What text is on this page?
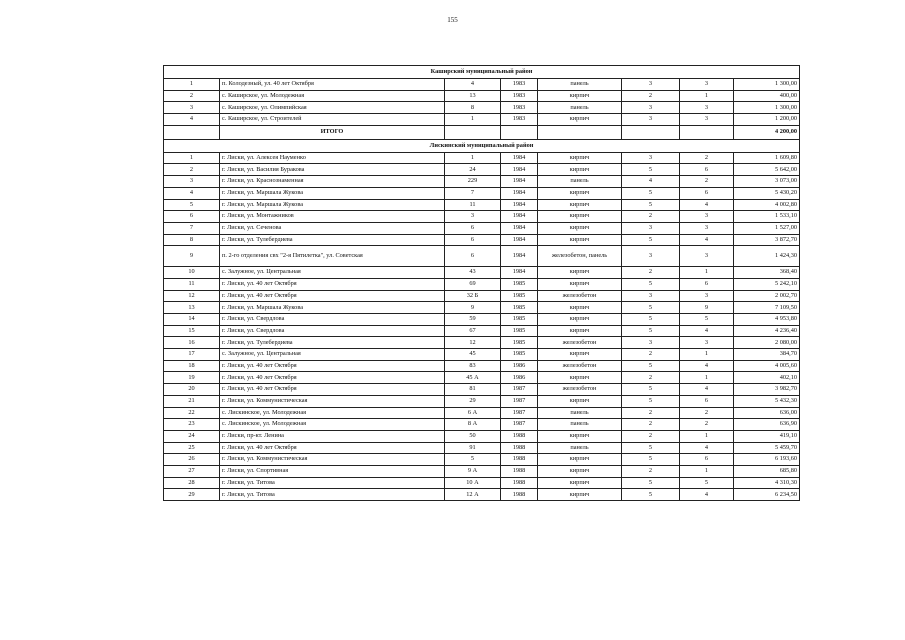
155
Каширский муниципальный район							
1	п. Колодезный, ул. 40 лет Октября	4	1983	панель	3	3	1 300,00
2	с. Каширское, ул. Молодежная	13	1983	кирпич	2	1	400,00
3	с. Каширское, ул. Олимпийская	8	1983	панель	3	3	1 300,00
4	с. Каширское, ул. Строителей	1	1983	кирпич	3	3	1 200,00
	ИТОГО						4 200,00
Лискинский муниципальный район							
1	г. Лиски, ул. Алексея Науменко	1	1984	кирпич	3	2	1 609,80
2	г. Лиски, ул. Василия Буракова	24	1984	кирпич	5	6	5 642,00
3	г. Лиски, ул. Краснознаменная	229	1984	панель	4	2	3 073,00
4	г. Лиски, ул. Маршала Жукова	7	1984	кирпич	5	6	5 430,20
5	г. Лиски, ул. Маршала Жукова	11	1984	кирпич	5	4	4 002,80
6	г. Лиски, ул. Монтажников	3	1984	кирпич	2	3	1 533,10
7	г. Лиски, ул. Сеченова	6	1984	кирпич	3	3	1 527,00
8	г. Лиски, ул. Тулебердиева	6	1984	кирпич	5	4	3 872,70
9	п. 2-го отделения свх "2-я Пятилетка", ул. Советская	6	1984	железобетон, панель	3	3	1 424,30
10	с. Залужное, ул. Центральная	43	1984	кирпич	2	1	368,40
11	г. Лиски, ул. 40 лет Октября	69	1985	кирпич	5	6	5 242,10
12	г. Лиски, ул. 40 лет Октября	32 Б	1985	железобетон	3	3	2 002,70
13	г. Лиски, ул. Маршала Жукова	9	1985	кирпич	5	9	7 109,50
14	г. Лиски, ул. Свердлова	59	1985	кирпич	5	5	4 953,80
15	г. Лиски, ул. Свердлова	67	1985	кирпич	5	4	4 236,40
16	г. Лиски, ул. Тулебердиева	12	1985	железобетон	3	3	2 080,00
17	с. Залужное, ул. Центральная	45	1985	кирпич	2	1	384,70
18	г. Лиски, ул. 40 лет Октября	83	1986	железобетон	5	4	4 005,60
19	г. Лиски, ул. 40 лет Октября	45 А	1986	кирпич	2	1	402,10
20	г. Лиски, ул. 40 лет Октября	81	1987	железобетон	5	4	3 982,70
21	г. Лиски, ул. Коммунистическая	29	1987	кирпич	5	6	5 432,30
22	с. Лискинское, ул. Молодежная	6 А	1987	панель	2	2	636,00
23	с. Лискинское, ул. Молодежная	8 А	1987	панель	2	2	636,90
24	г. Лиски, пр-кт. Ленина	50	1988	кирпич	2	1	419,10
25	г. Лиски, ул. 40 лет Октября	91	1988	панель	5	4	5 459,70
26	г. Лиски, ул. Коммунистическая	5	1988	кирпич	5	6	6 193,60
27	г. Лиски, ул. Спортивная	9 А	1988	кирпич	2	1	685,80
28	г. Лиски, ул. Титова	10 А	1988	кирпич	5	5	4 310,30
29	г. Лиски, ул. Титова	12 А	1988	кирпич	5	4	6 234,50
